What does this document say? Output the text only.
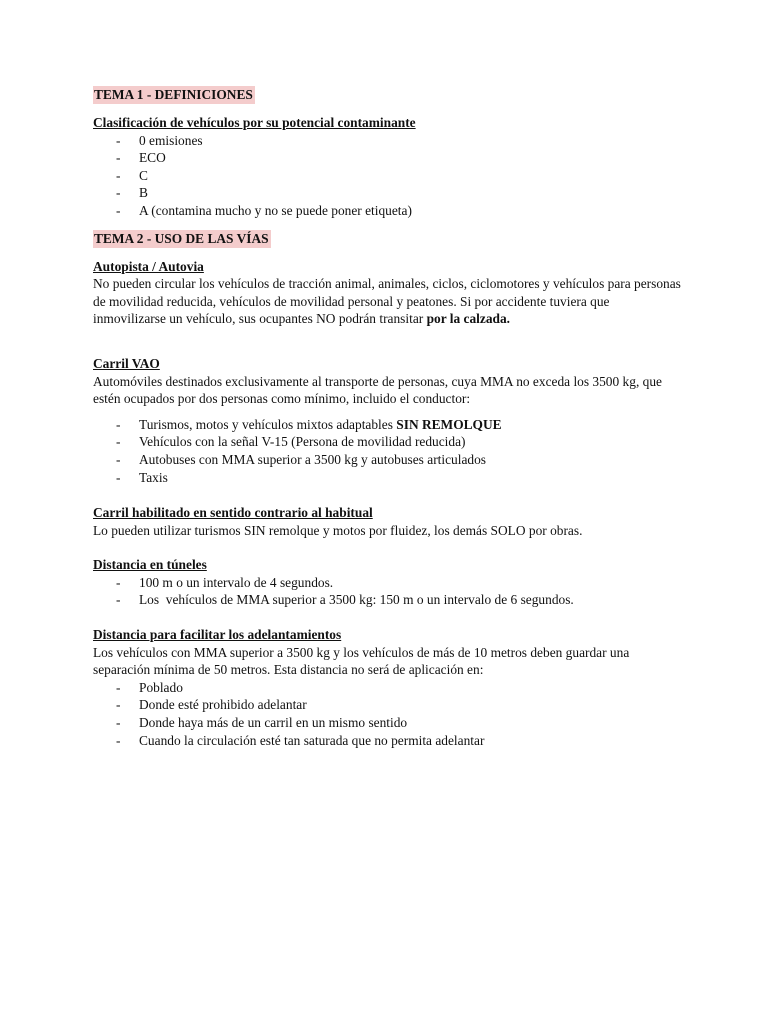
TEMA 1 - DEFINICIONES
Clasificación de vehículos por su potencial contaminante
- 0 emisiones
- ECO
- C
- B
- A (contamina mucho y no se puede poner etiqueta)
TEMA 2 - USO DE LAS VÍAS
Autopista / Autovia

No pueden circular los vehículos de tracción animal, animales, ciclos, ciclomotores y vehículos para personas de movilidad reducida, vehículos de movilidad personal y peatones. Si por accidente tuviera que inmovilizarse un vehículo, sus ocupantes NO podrán transitar por la calzada.

Carril VAO

Automóviles destinados exclusivamente al transporte de personas, cuya MMA no exceda los 3500 kg, que estén ocupados por dos personas como mínimo, incluido el conductor:

- Turismos, motos y vehículos mixtos adaptables SIN REMOLQUE
- Vehículos con la señal V-15 (Persona de movilidad reducida)
- Autobuses con MMA superior a 3500 kg y autobuses articulados
- Taxis
Carril habilitado en sentido contrario al habitual

Lo pueden utilizar turismos SIN remolque y motos por fluidez, los demás SOLO por obras.

Distancia en túneles
- 100 m o un intervalo de 4 segundos.
- Los  vehículos de MMA superior a 3500 kg: 150 m o un intervalo de 6 segundos.
Distancia para facilitar los adelantamientos

Los vehículos con MMA superior a 3500 kg y los vehículos de más de 10 metros deben guardar una separación mínima de 50 metros. Esta distancia no será de aplicación en:

- Poblado
- Donde esté prohibido adelantar
- Donde haya más de un carril en un mismo sentido
- Cuando la circulación esté tan saturada que no permita adelantar
